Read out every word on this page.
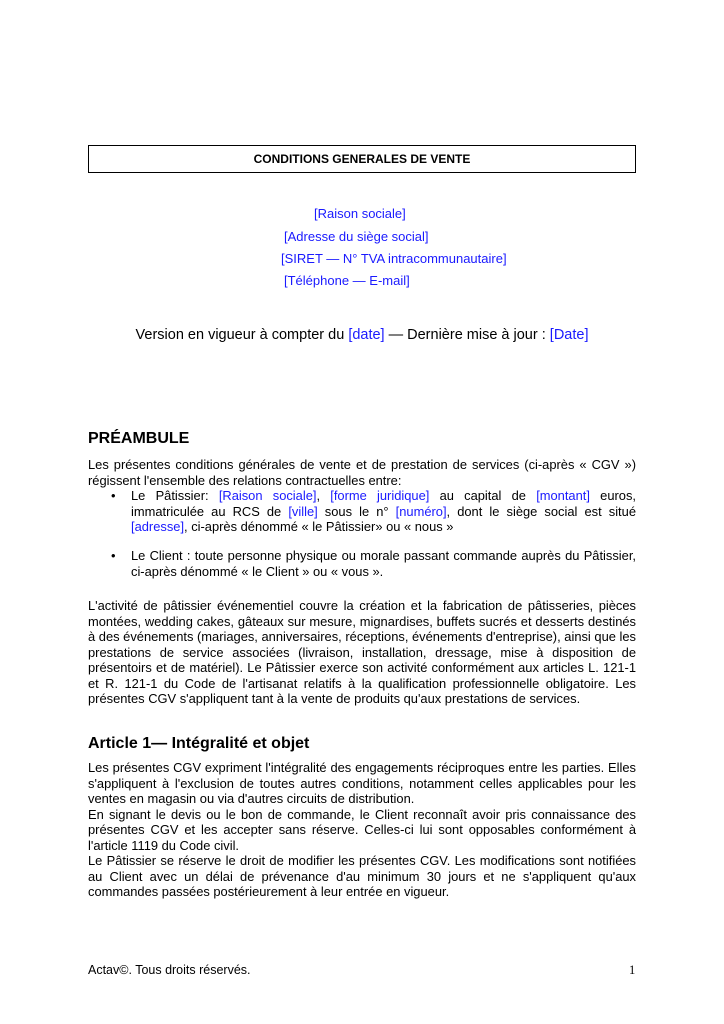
CONDITIONS GENERALES DE VENTE
[Raison sociale]
[Adresse du siège social]
[SIRET — N° TVA intracommunautaire]
[Téléphone — E-mail]
Version en vigueur à compter du [date] — Dernière mise à jour : [Date]
PRÉAMBULE

Les présentes conditions générales de vente et de prestation de services (ci-après « CGV ») régissent l'ensemble des relations contractuelles entre:

• Le Pâtissier: [Raison sociale], [forme juridique] au capital de [montant] euros, immatriculée au RCS de [ville] sous le n° [numéro], dont le siège social est situé [adresse], ci-après dénommé « le Pâtissier» ou « nous »
• Le Client : toute personne physique ou morale passant commande auprès du Pâtissier, ci-après dénommé « le Client » ou « vous ».

L'activité de pâtissier événementiel couvre la création et la fabrication de pâtisseries, pièces montées, wedding cakes, gâteaux sur mesure, mignardises, buffets sucrés et desserts destinés à des événements (mariages, anniversaires, réceptions, événements d'entreprise), ainsi que les prestations de service associées (livraison, installation, dressage, mise à disposition de présentoirs et de matériel). Le Pâtissier exerce son activité conformément aux articles L. 121-1 et R. 121-1 du Code de l'artisanat relatifs à la qualification professionnelle obligatoire. Les présentes CGV s'appliquent tant à la vente de produits qu'aux prestations de services.

Article 1— Intégralité et objet

Les présentes CGV expriment l'intégralité des engagements réciproques entre les parties. Elles s'appliquent à l'exclusion de toutes autres conditions, notamment celles applicables pour les ventes en magasin ou via d'autres circuits de distribution.

En signant le devis ou le bon de commande, le Client reconnaît avoir pris connaissance des présentes CGV et les accepter sans réserve. Celles-ci lui sont opposables conformément à l'article 1119 du Code civil.

Le Pâtissier se réserve le droit de modifier les présentes CGV. Les modifications sont notifiées au Client avec un délai de prévenance d'au minimum 30 jours et ne s'appliquent qu'aux commandes passées postérieurement à leur entrée en vigueur.

Actav©. Tous droits réservés.	1
